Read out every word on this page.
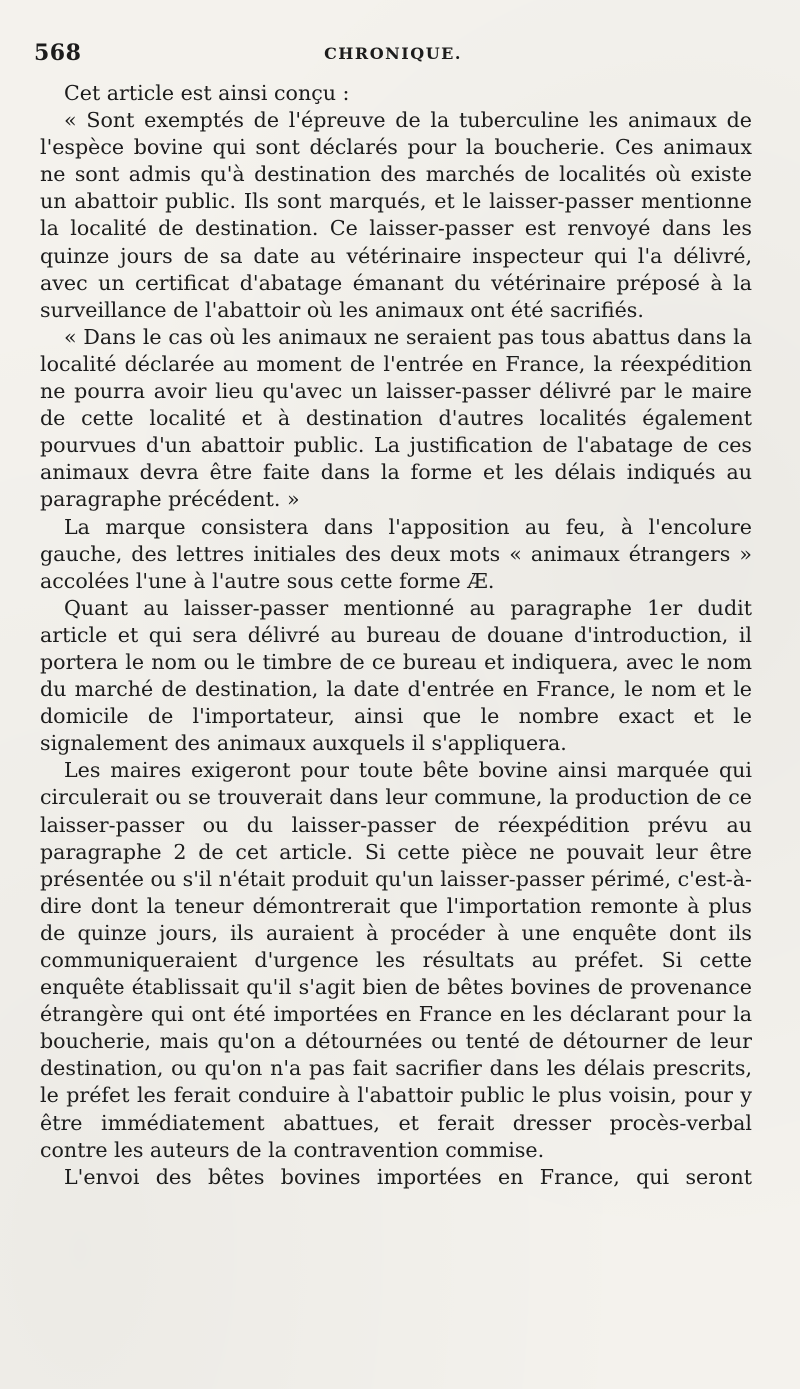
568	CHRONIQUE.

Cet article est ainsi conçu :

« Sont exemptés de l'épreuve de la tuberculine les animaux de l'espèce bovine qui sont déclarés pour la boucherie. Ces animaux ne sont admis qu'à destination des marchés de localités où existe un abattoir public. Ils sont marqués, et le laisser-passer mentionne la localité de destination. Ce laisser-passer est renvoyé dans les quinze jours de sa date au vétérinaire inspecteur qui l'a délivré, avec un certificat d'abatage émanant du vétérinaire préposé à la surveillance de l'abattoir où les animaux ont été sacrifiés.

« Dans le cas où les animaux ne seraient pas tous abattus dans la localité déclarée au moment de l'entrée en France, la réexpédition ne pourra avoir lieu qu'avec un laisser-passer délivré par le maire de cette localité et à destination d'autres localités également pourvues d'un abattoir public. La justification de l'abatage de ces animaux devra être faite dans la forme et les délais indiqués au paragraphe précédent. »

La marque consistera dans l'apposition au feu, à l'encolure gauche, des lettres initiales des deux mots « animaux étrangers » accolées l'une à l'autre sous cette forme Æ.

Quant au laisser-passer mentionné au paragraphe 1er dudit article et qui sera délivré au bureau de douane d'introduction, il portera le nom ou le timbre de ce bureau et indiquera, avec le nom du marché de destination, la date d'entrée en France, le nom et le domicile de l'importateur, ainsi que le nombre exact et le signalement des animaux auxquels il s'appliquera.

Les maires exigeront pour toute bête bovine ainsi marquée qui circulerait ou se trouverait dans leur commune, la production de ce laisser-passer ou du laisser-passer de réexpédition prévu au paragraphe 2 de cet article. Si cette pièce ne pouvait leur être présentée ou s'il n'était produit qu'un laisser-passer périmé, c'est-à-dire dont la teneur démontrerait que l'importation remonte à plus de quinze jours, ils auraient à procéder à une enquête dont ils communiqueraient d'urgence les résultats au préfet. Si cette enquête établissait qu'il s'agit bien de bêtes bovines de provenance étrangère qui ont été importées en France en les déclarant pour la boucherie, mais qu'on a détournées ou tenté de détourner de leur destination, ou qu'on n'a pas fait sacrifier dans les délais prescrits, le préfet les ferait conduire à l'abattoir public le plus voisin, pour y être immédiatement abattues, et ferait dresser procès-verbal contre les auteurs de la contravention commise.

L'envoi des bêtes bovines importées en France, qui seront
